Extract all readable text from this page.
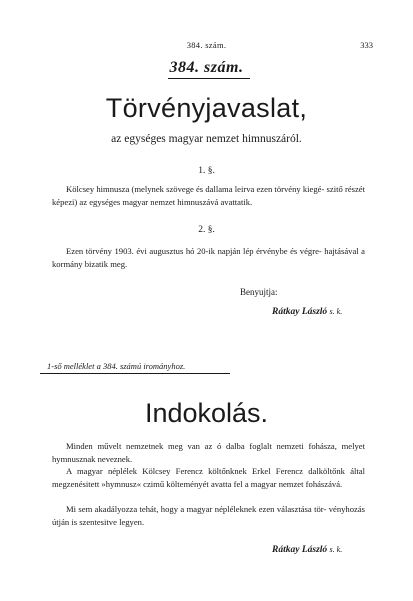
384. szám.	333
384. szám.
Törvényjavaslat,
az egységes magyar nemzet himnuszáról.
1. §.
Kölcsey himnusza (melynek szövege és dallama leirva ezen törvény kiegé- szitő részét képezi) az egységes magyar nemzet himnuszává avattatik.
2. §.
Ezen törvény 1903. évi augusztus hó 20-ik napján lép érvénybe és végre- hajtásával a kormány bizatik meg.
Benyujtja:
Rátkay László s. k.
1-ső melléklet a 384. számú irományhoz.
Indokolás.
Minden művelt nemzetnek meg van az ó dalba foglalt nemzeti fohásza, melyet hymnusznak neveznek.
A magyar néplélek Kölcsey Ferencz költőnknek Erkel Ferencz dalköltőnk által megzenésitett »hymnusz« czimű költeményét avatta fel a magyar nemzet fohászává.
Mi sem akadályozza tehát, hogy a magyar népléleknek ezen választása tör- vényhozás útján is szentesitve legyen.
Rátkay László s. k.
